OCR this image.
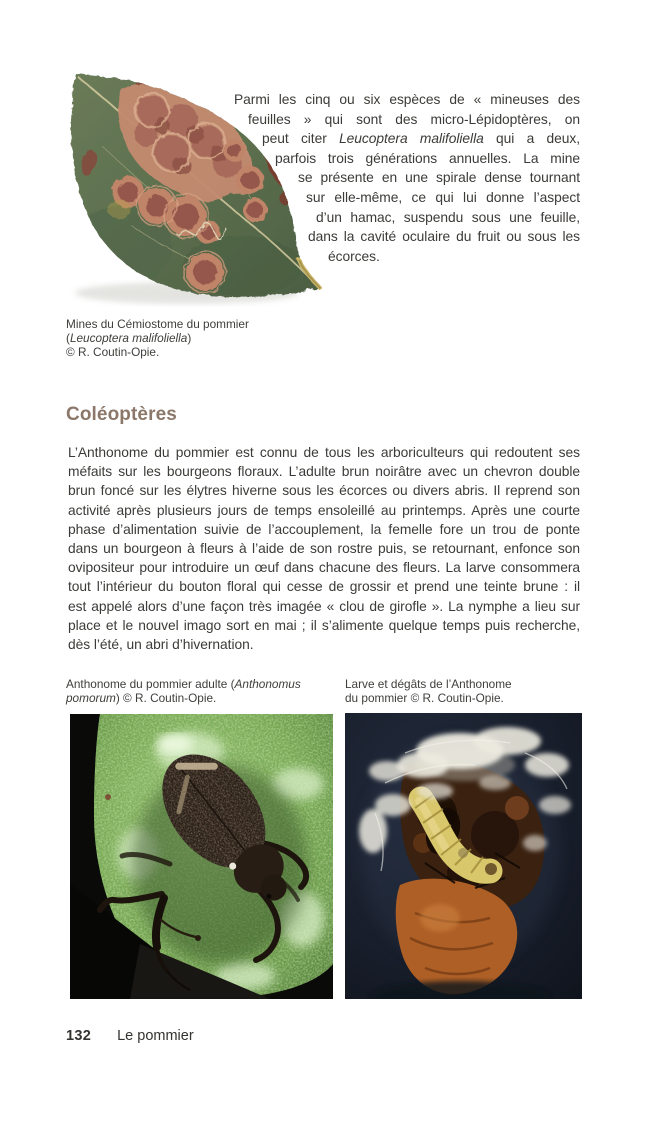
Parmi les cinq ou six espèces de « mineuses des
feuilles » qui sont des micro-Lépidoptères, on
peut citer Leucoptera malifoliella qui a deux,
parfois trois générations annuelles. La mine
se présente en une spirale dense tournant
sur elle-même, ce qui lui donne l’aspect
d’un hamac, suspendu sous une feuille,
dans la cavité oculaire du fruit ou sous les
écorces.
Mines du Cémiostome du pommier
(Leucoptera malifoliella)
© R. Coutin-Opie.
Coléoptères
L’Anthonome du pommier est connu de tous les arboriculteurs qui redoutent ses
méfaits sur les bourgeons floraux. L’adulte brun noirâtre avec un chevron double
brun foncé sur les élytres hiverne sous les écorces ou divers abris. Il reprend son
activité après plusieurs jours de temps ensoleillé au printemps. Après une courte
phase d’alimentation suivie de l’accouplement, la femelle fore un trou de ponte
dans un bourgeon à fleurs à l’aide de son rostre puis, se retournant, enfonce son
ovipositeur pour introduire un œuf dans chacune des fleurs. La larve consommera
tout l’intérieur du bouton floral qui cesse de grossir et prend une teinte brune : il
est appelé alors d’une façon très imagée « clou de girofle ». La nymphe a lieu sur
place et le nouvel imago sort en mai ; il s’alimente quelque temps puis recherche,
dès l’été, un abri d’hivernation.
Anthonome du pommier adulte (Anthonomus
pomorum) © R. Coutin-Opie.
Larve et dégâts de l’Anthonome
du pommier © R. Coutin-Opie.
132 Le pommier
